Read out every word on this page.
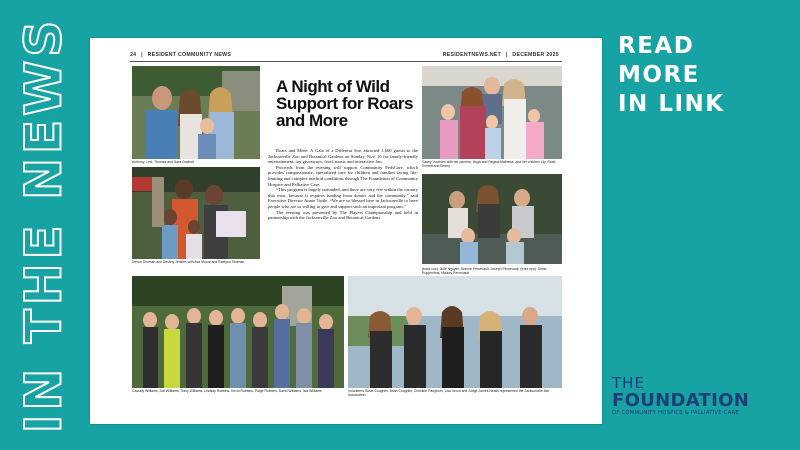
IN THE NEWS	24 | RESIDENT COMMUNITY NEWS	RESIDENTNEWS.NET | DECEMBER 2025
Anthony, Lexi, Thomas and Sara Godbolt
Devon Shuman and Destiny Jenkins with Ava Moore and Raelynn Shuman
A Night of Wild Support for Roars and More

Roars and More: A Gala of a Different Sort attracted 1,600 guests to the Jacksonville Zoo and Botanical Gardens on Sunday, Nov. 16 for family-friendly entertainment, toy giveaways, food, music and interactive fun.

Proceeds from the evening will support Community PedsCare, which provides compassionate, specialized care for children and families facing life-limiting and complex medical conditions through The Foundation of Community Hospice and Palliative Care.

“This program is largely unfunded, and there are very few within the country that exist, because it requires funding from donors and the community,” said Executive Director Annie Tuttle. “We are so blessed here in Jacksonville to have people who are so willing to give and support such an important program.”

The evening was presented by The Players Championship and held in partnership with the Jacksonville Zoo and Botanical Gardens.

Casey Voorhies with her parents, Hugh and Regina Mathews, and her children Lily, Rose, Everett and Emmy
(back row): Julie Nguyen, Bonnie Percevault, Joseph Percevault, (front row): Sonia Ruppenthal, Mallory Percevault
Cassidy Williams, Joe Williams, Tracy Williams, Lindsay Robbins, Kevin Robbins, Paige Robbins, David Williams, Isla Williams	Volunteers Susie Coughlin, Brian Coughlin, Christine Pangborn, Lisa Veron and Judge James Nealis represented the Jacksonville Bar Association.
READ
MORE
IN LINK
THE
FOUNDATION
OF COMMUNITY HOSPICE & PALLIATIVE CARE
